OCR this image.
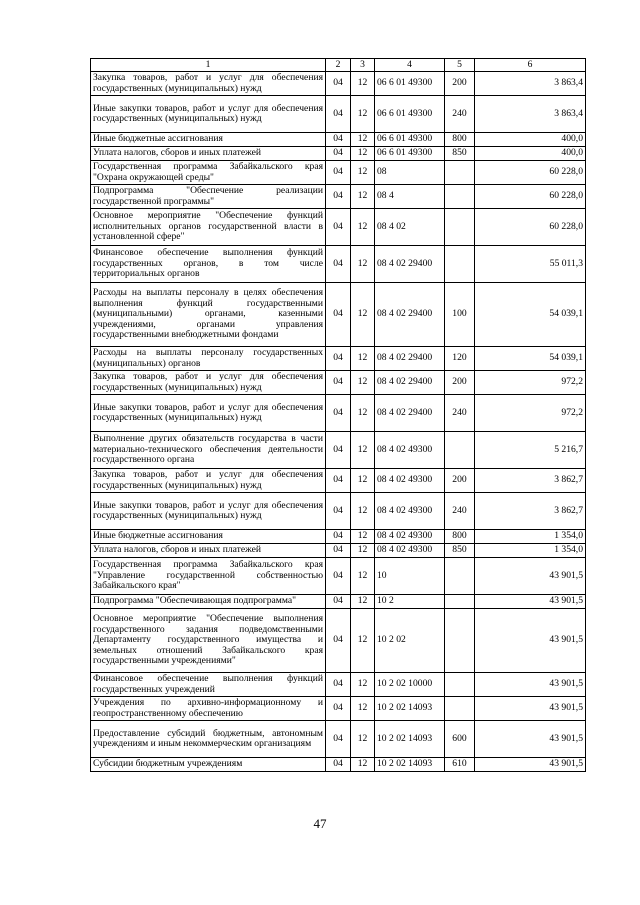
1	2	3	4	5	6
Закупка товаров, работ и услуг для обеспечения государственных (муниципальных) нужд	04	12	06 6 01 49300	200	3 863,4
Иные закупки товаров, работ и услуг для обеспечения государственных (муниципальных) нужд	04	12	06 6 01 49300	240	3 863,4
Иные бюджетные ассигнования	04	12	06 6 01 49300	800	400,0
Уплата налогов, сборов и иных платежей	04	12	06 6 01 49300	850	400,0
Государственная программа Забайкальского края "Охрана окружающей среды"	04	12	08		60 228,0
Подпрограмма "Обеспечение реализации государственной программы"	04	12	08 4		60 228,0
Основное мероприятие "Обеспечение функций исполнительных органов государственной власти в установленной сфере"	04	12	08 4 02		60 228,0
Финансовое обеспечение выполнения функций государственных органов, в том числе территориальных органов	04	12	08 4 02 29400		55 011,3
Расходы на выплаты персоналу в целях обеспечения выполнения функций государственными (муниципальными) органами, казенными учреждениями, органами управления государственными внебюджетными фондами	04	12	08 4 02 29400	100	54 039,1
Расходы на выплаты персоналу государственных (муниципальных) органов	04	12	08 4 02 29400	120	54 039,1
Закупка товаров, работ и услуг для обеспечения государственных (муниципальных) нужд	04	12	08 4 02 29400	200	972,2
Иные закупки товаров, работ и услуг для обеспечения государственных (муниципальных) нужд	04	12	08 4 02 29400	240	972,2
Выполнение других обязательств государства в части материально-технического обеспечения деятельности государственного органа	04	12	08 4 02 49300		5 216,7
Закупка товаров, работ и услуг для обеспечения государственных (муниципальных) нужд	04	12	08 4 02 49300	200	3 862,7
Иные закупки товаров, работ и услуг для обеспечения государственных (муниципальных) нужд	04	12	08 4 02 49300	240	3 862,7
Иные бюджетные ассигнования	04	12	08 4 02 49300	800	1 354,0
Уплата налогов, сборов и иных платежей	04	12	08 4 02 49300	850	1 354,0
Государственная программа Забайкальского края "Управление государственной собственностью Забайкальского края"	04	12	10		43 901,5
Подпрограмма "Обеспечивающая подпрограмма"	04	12	10 2		43 901,5
Основное мероприятие "Обеспечение выполнения государственного задания подведомственными Департаменту государственного имущества и земельных отношений Забайкальского края государственными учреждениями"	04	12	10 2 02		43 901,5
Финансовое обеспечение выполнения функций государственных учреждений	04	12	10 2 02 10000		43 901,5
Учреждения по архивно-информационному и геопространственному обеспечению	04	12	10 2 02 14093		43 901,5
Предоставление субсидий бюджетным, автономным учреждениям и иным некоммерческим организациям	04	12	10 2 02 14093	600	43 901,5
Субсидии бюджетным учреждениям	04	12	10 2 02 14093	610	43 901,5
47
